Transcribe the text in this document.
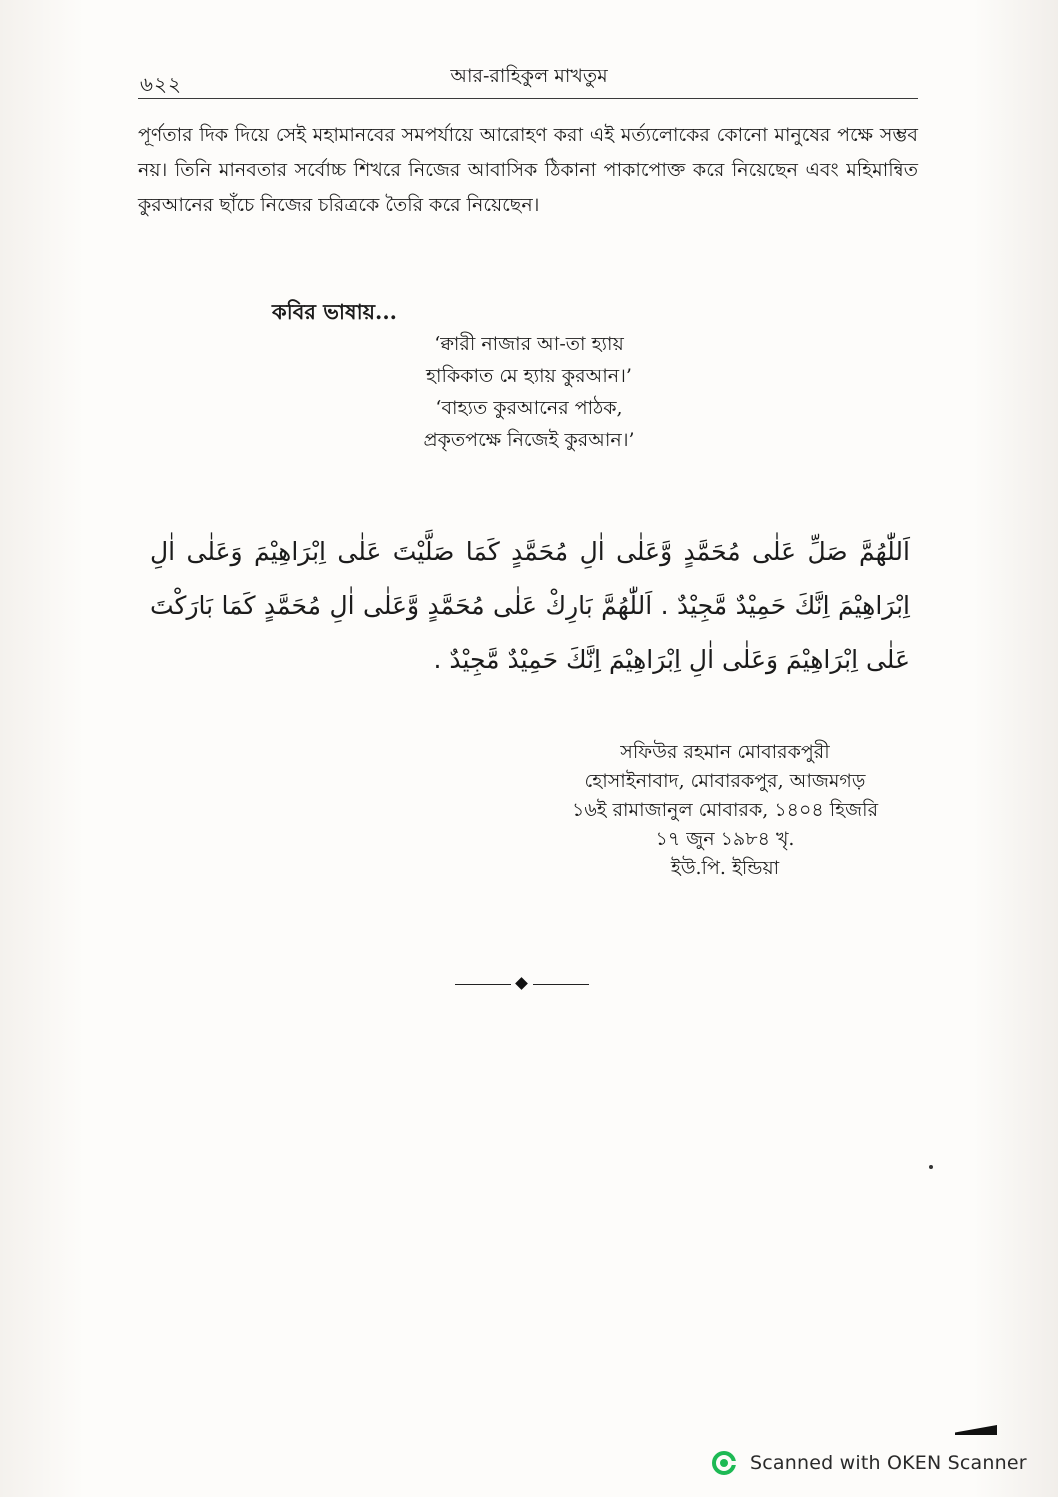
৬২২	আর-রাহিকুল মাখতুম

পূর্ণতার দিক দিয়ে সেই মহামানবের সমপর্যায়ে আরোহণ করা এই মর্ত্যলোকের কোনো মানুষের পক্ষে সম্ভব নয়। তিনি মানবতার সর্বোচ্চ শিখরে নিজের আবাসিক ঠিকানা পাকাপোক্ত করে নিয়েছেন এবং মহিমান্বিত কুরআনের ছাঁচে নিজের চরিত্রকে তৈরি করে নিয়েছেন।

কবির ভাষায়...
‘ক্বারী নাজার আ-তা হ্যায়
হাকিকাত মে হ্যায় কুরআন।’
‘বাহ্যত কুরআনের পাঠক,
প্রকৃতপক্ষে নিজেই কুরআন।’
اَللّٰهُمَّ صَلِّ عَلٰى مُحَمَّدٍ وَّعَلٰى اٰلِ مُحَمَّدٍ كَمَا صَلَّيْتَ عَلٰى اِبْرَاهِيْمَ وَعَلٰى اٰلِ اِبْرَاهِيْمَ اِنَّكَ حَمِيْدٌ مَّجِيْدٌ . اَللّٰهُمَّ بَارِكْ عَلٰى مُحَمَّدٍ وَّعَلٰى اٰلِ مُحَمَّدٍ كَمَا بَارَكْتَ عَلٰى اِبْرَاهِيْمَ وَعَلٰى اٰلِ اِبْرَاهِيْمَ اِنَّكَ حَمِيْدٌ مَّجِيْدٌ .
সফিউর রহমান মোবারকপুরী
হোসাইনাবাদ, মোবারকপুর, আজমগড়
১৬ই রামাজানুল মোবারক, ১৪০৪ হিজরি
১৭ জুন ১৯৮৪ খৃ.
ইউ.পি. ইন্ডিয়া
Scanned with OKEN Scanner
